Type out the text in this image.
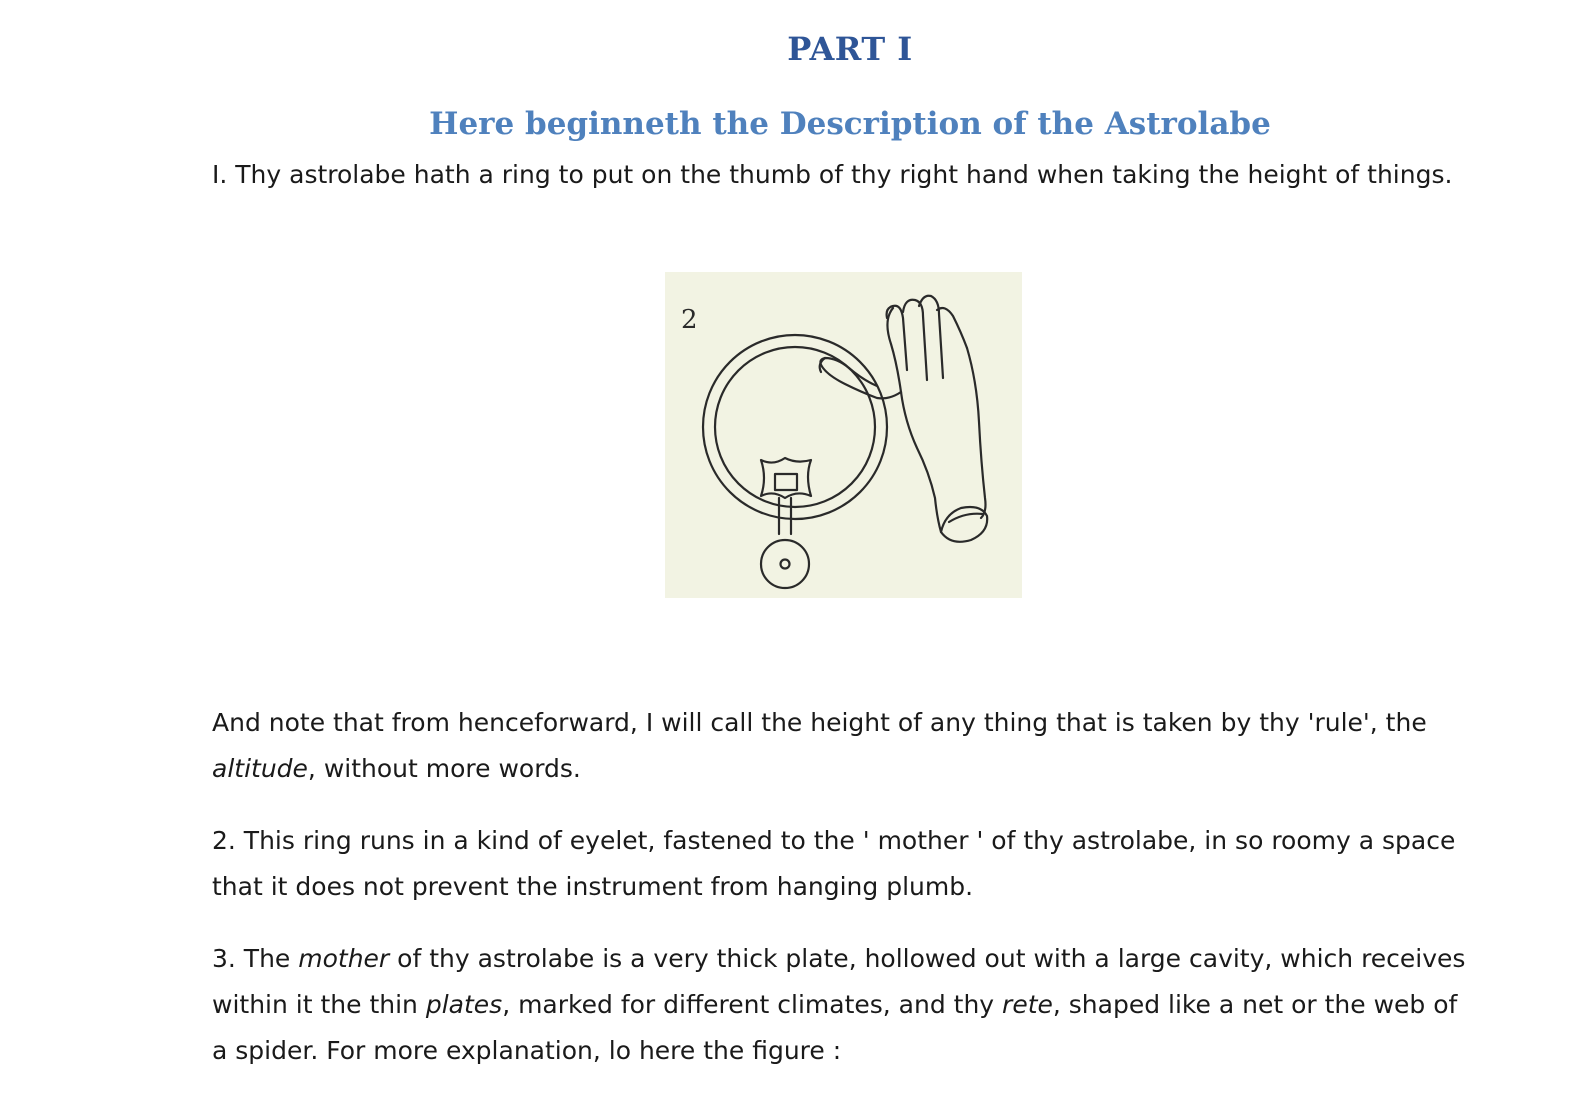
PART I
Here beginneth the Description of the Astrolabe

I. Thy astrolabe hath a ring to put on the thumb of thy right hand when taking the height of things.

2

And note that from henceforward, I will call the height of any thing that is taken by thy 'rule', the altitude, without more words.

2. This ring runs in a kind of eyelet, fastened to the ' mother ' of thy astrolabe, in so roomy a space that it does not prevent the instrument from hanging plumb.

3. The mother of thy astrolabe is a very thick plate, hollowed out with a large cavity, which receives within it the thin plates, marked for different climates, and thy rete, shaped like a net or the web of a spider. For more explanation, lo here the figure :
